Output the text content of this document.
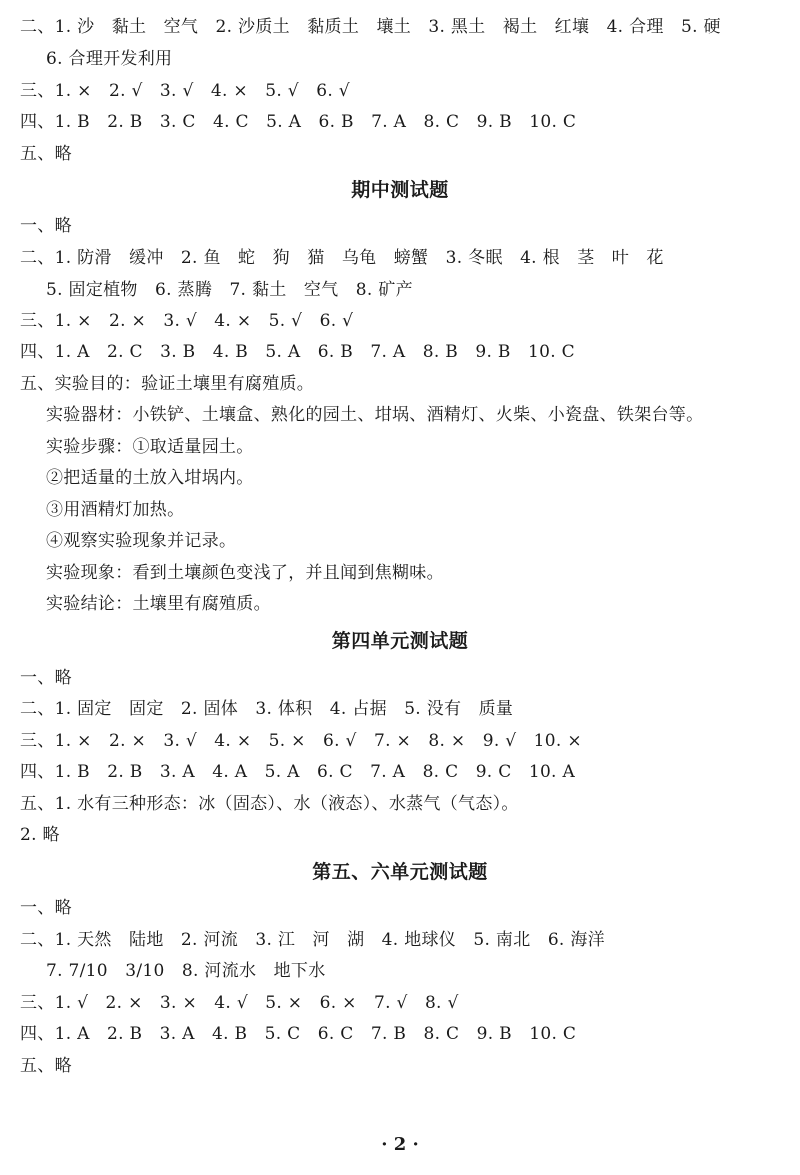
二、1. 沙　黏土　空气　2. 沙质土　黏质土　壤土　3. 黑土　褐土　红壤　4. 合理　5. 硬
6. 合理开发利用
三、1. ×　2. √　3. √　4. ×　5. √　6. √
四、1. B　2. B　3. C　4. C　5. A　6. B　7. A　8. C　9. B　10. C
五、略
期中测试题
一、略
二、1. 防滑　缓冲　2. 鱼　蛇　狗　猫　乌龟　螃蟹　3. 冬眠　4. 根　茎　叶　花
5. 固定植物　6. 蒸腾　7. 黏土　空气　8. 矿产
三、1. ×　2. ×　3. √　4. ×　5. √　6. √
四、1. A　2. C　3. B　4. B　5. A　6. B　7. A　8. B　9. B　10. C
五、实验目的：验证土壤里有腐殖质。
实验器材：小铁铲、土壤盒、熟化的园土、坩埚、酒精灯、火柴、小瓷盘、铁架台等。
实验步骤：①取适量园土。
②把适量的土放入坩埚内。
③用酒精灯加热。
④观察实验现象并记录。
实验现象：看到土壤颜色变浅了，并且闻到焦糊味。
实验结论：土壤里有腐殖质。
第四单元测试题
一、略
二、1. 固定　固定　2. 固体　3. 体积　4. 占据　5. 没有　质量
三、1. ×　2. ×　3. √　4. ×　5. ×　6. √　7. ×　8. ×　9. √　10. ×
四、1. B　2. B　3. A　4. A　5. A　6. C　7. A　8. C　9. C　10. A
五、1. 水有三种形态：冰（固态）、水（液态）、水蒸气（气态）。
2. 略
第五、六单元测试题
一、略
二、1. 天然　陆地　2. 河流　3. 江　河　湖　4. 地球仪　5. 南北　6. 海洋
7. 7/10　3/10　8. 河流水　地下水
三、1. √　2. ×　3. ×　4. √　5. ×　6. ×　7. √　8. √
四、1. A　2. B　3. A　4. B　5. C　6. C　7. B　8. C　9. B　10. C
五、略
· 2 ·
